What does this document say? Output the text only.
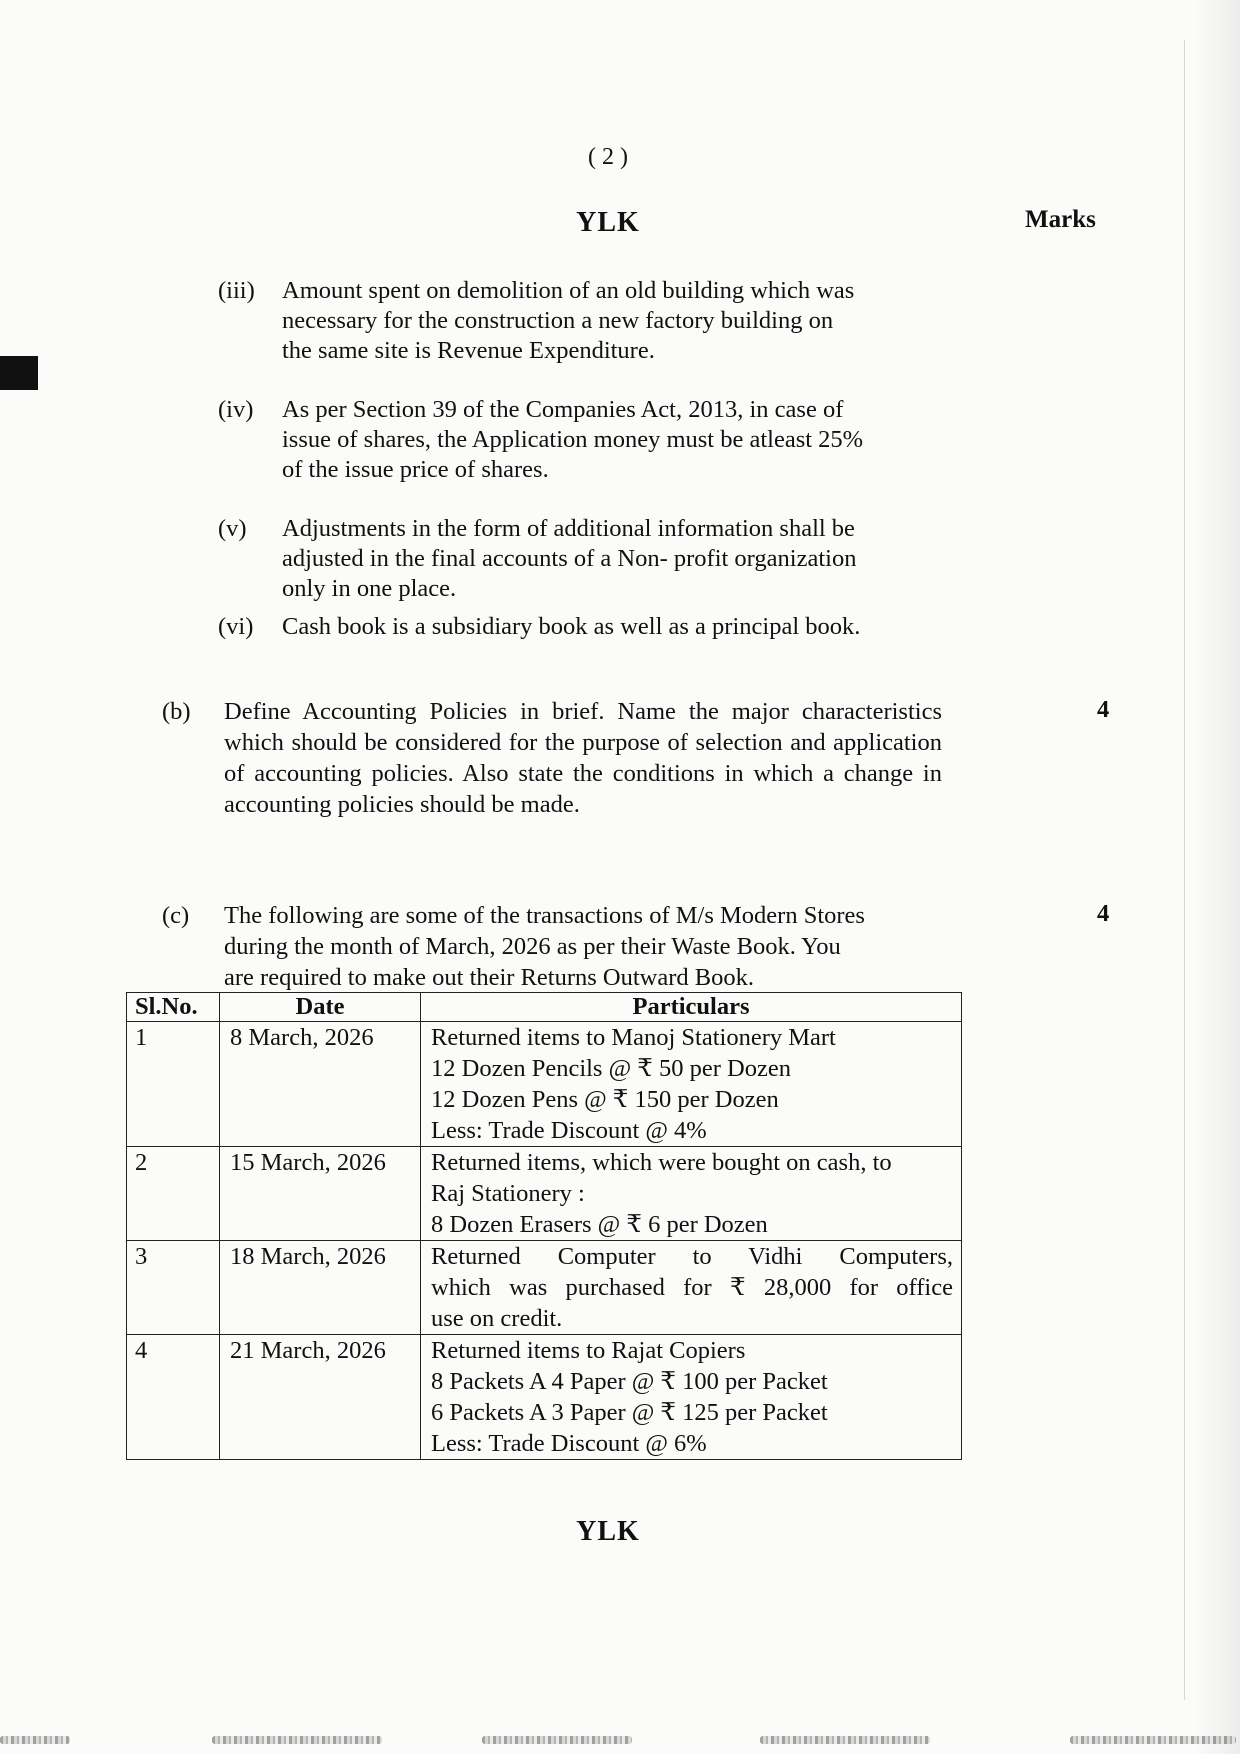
( 2 )
YLK	Marks
(iii) Amount spent on demolition of an old building which was
necessary for the construction a new factory building on
the same site is Revenue Expenditure.
(iv) As per Section 39 of the Companies Act, 2013, in case of
issue of shares, the Application money must be atleast 25%
of the issue price of shares.
(v) Adjustments in the form of additional information shall be
adjusted in the final accounts of a Non- profit organization
only in one place.
(vi) Cash book is a subsidiary book as well as a principal book.
(b) Define Accounting Policies in brief. Name the major characteristics which should be considered for the purpose of selection and application of accounting policies. Also state the conditions in which a change in accounting policies should be made.
4
(c) The following are some of the transactions of M/s Modern Stores
during the month of March, 2026 as per their Waste Book. You
are required to make out their Returns Outward Book.
4
Sl.No.	Date	Particulars
1	8 March, 2026	Returned items to Manoj Stationery Mart
12 Dozen Pencils @ ₹ 50 per Dozen
12 Dozen Pens @ ₹ 150 per Dozen
Less: Trade Discount @ 4%

2	15 March, 2026	Returned items, which were bought on cash, to
Raj Stationery :
8 Dozen Erasers @ ₹ 6 per Dozen

3	18 March, 2026	Returned Computer to Vidhi Computers,
which was purchased for ₹ 28,000 for office
use on credit.

4	21 March, 2026	Returned items to Rajat Copiers
8 Packets A 4 Paper @ ₹ 100 per Packet
6 Packets A 3 Paper @ ₹ 125 per Packet
Less: Trade Discount @ 6%
YLK
